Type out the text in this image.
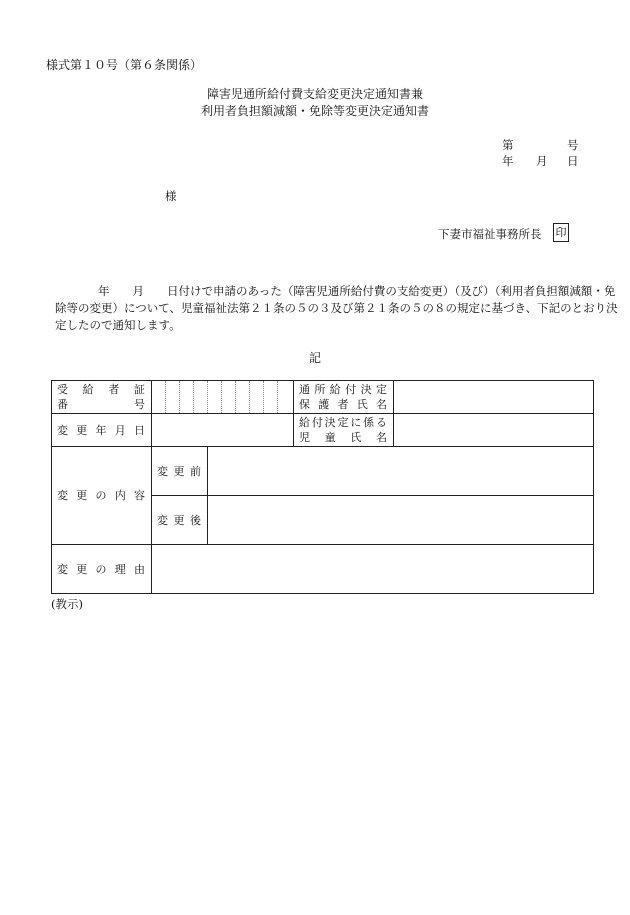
様式第１０号（第６条関係）
障害児通所給付費支給変更決定通知書兼
利用者負担額減額・免除等変更決定通知書
第	号
年 月 日
様
下妻市福祉事務所長 印
年　　月　　日付けで申請のあった（障害児通所給付費の支給変更）（及び）（利用者負担額減額・免
除等の変更）について、児童福祉法第２１条の５の３及び第２１条の５の８の規定に基づき、下記のとおり決
定したので通知します。
記
受　給　者　証
番　　　　　号
通所給付決定
保護者氏名
変更年月日
給付決定に係る
児　童　氏　名
変更の内容
変更前
変更後
変更の理由
(教示)
